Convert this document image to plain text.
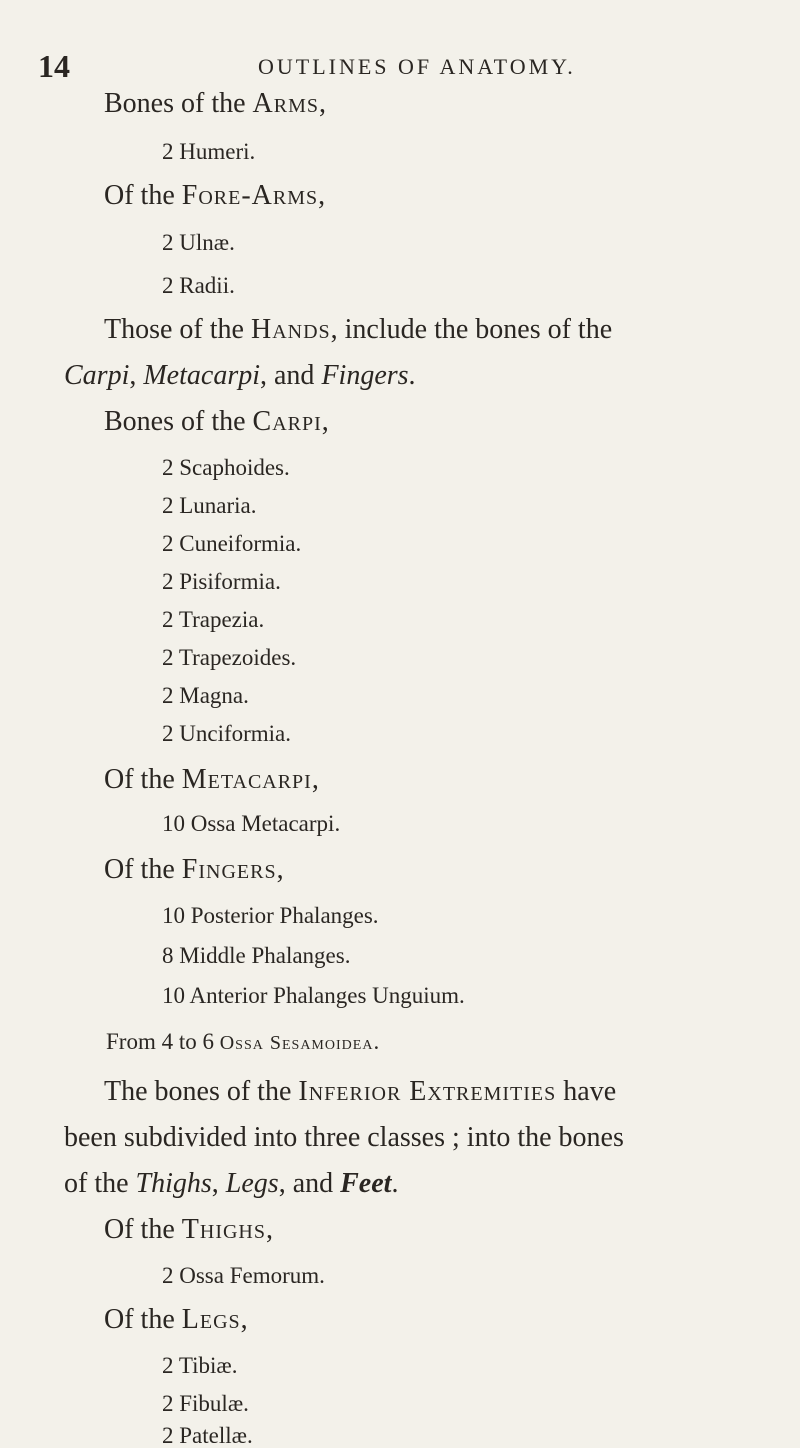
14	OUTLINES OF ANATOMY.
Bones of the Arms,
2 Humeri.
Of the Fore-Arms,
2 Ulnæ.
2 Radii.
Those of the Hands, include the bones of the
Carpi, Metacarpi, and Fingers.
Bones of the Carpi,
2 Scaphoides.
2 Lunaria.
2 Cuneiformia.
2 Pisiformia.
2 Trapezia.
2 Trapezoides.
2 Magna.
2 Unciformia.
Of the Metacarpi,
10 Ossa Metacarpi.
Of the Fingers,
10 Posterior Phalanges.
8 Middle Phalanges.
10 Anterior Phalanges Unguium.
From 4 to 6 Ossa Sesamoidea.
The bones of the Inferior Extremities have
been subdivided into three classes ; into the bones
of the Thighs, Legs, and Feet.
Of the Thighs,
2 Ossa Femorum.
Of the Legs,
2 Tibiæ.
2 Fibulæ.
2 Patellæ.
